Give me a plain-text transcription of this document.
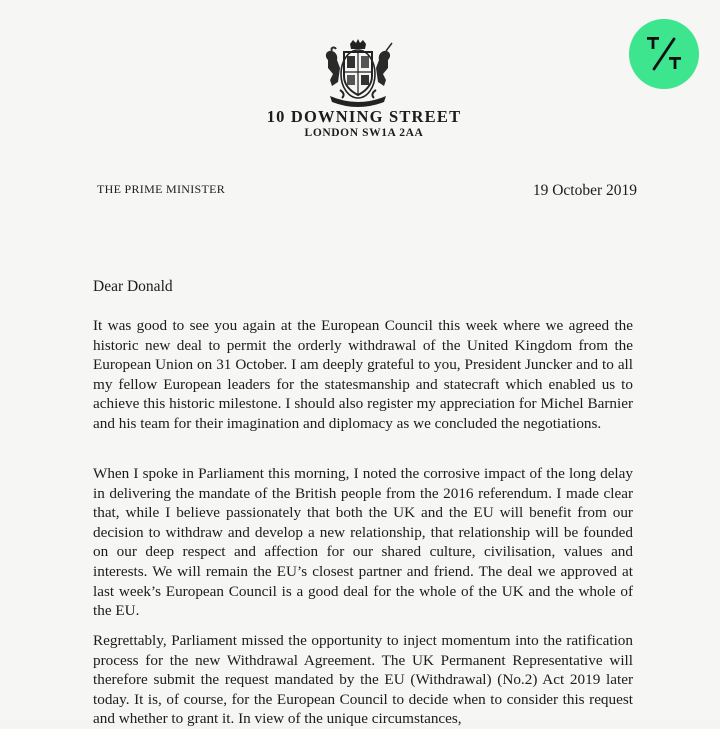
10 DOWNING STREET
LONDON SW1A 2AA
THE PRIME MINISTER	19 October 2019
Dear Donald
It was good to see you again at the European Council this week where we agreed the historic new deal to permit the orderly withdrawal of the United Kingdom from the European Union on 31 October. I am deeply grateful to you, President Juncker and to all my fellow European leaders for the statesmanship and statecraft which enabled us to achieve this historic milestone. I should also register my appreciation for Michel Barnier and his team for their imagination and diplomacy as we concluded the negotiations.
When I spoke in Parliament this morning, I noted the corrosive impact of the long delay in delivering the mandate of the British people from the 2016 referendum. I made clear that, while I believe passionately that both the UK and the EU will benefit from our decision to withdraw and develop a new relationship, that relationship will be founded on our deep respect and affection for our shared culture, civilisation, values and interests. We will remain the EU’s closest partner and friend. The deal we approved at last week’s European Council is a good deal for the whole of the UK and the whole of the EU.
Regrettably, Parliament missed the opportunity to inject momentum into the ratification process for the new Withdrawal Agreement. The UK Permanent Representative will therefore submit the request mandated by the EU (Withdrawal) (No.2) Act 2019 later today. It is, of course, for the European Council to decide when to consider this request and whether to grant it. In view of the unique circumstances,
